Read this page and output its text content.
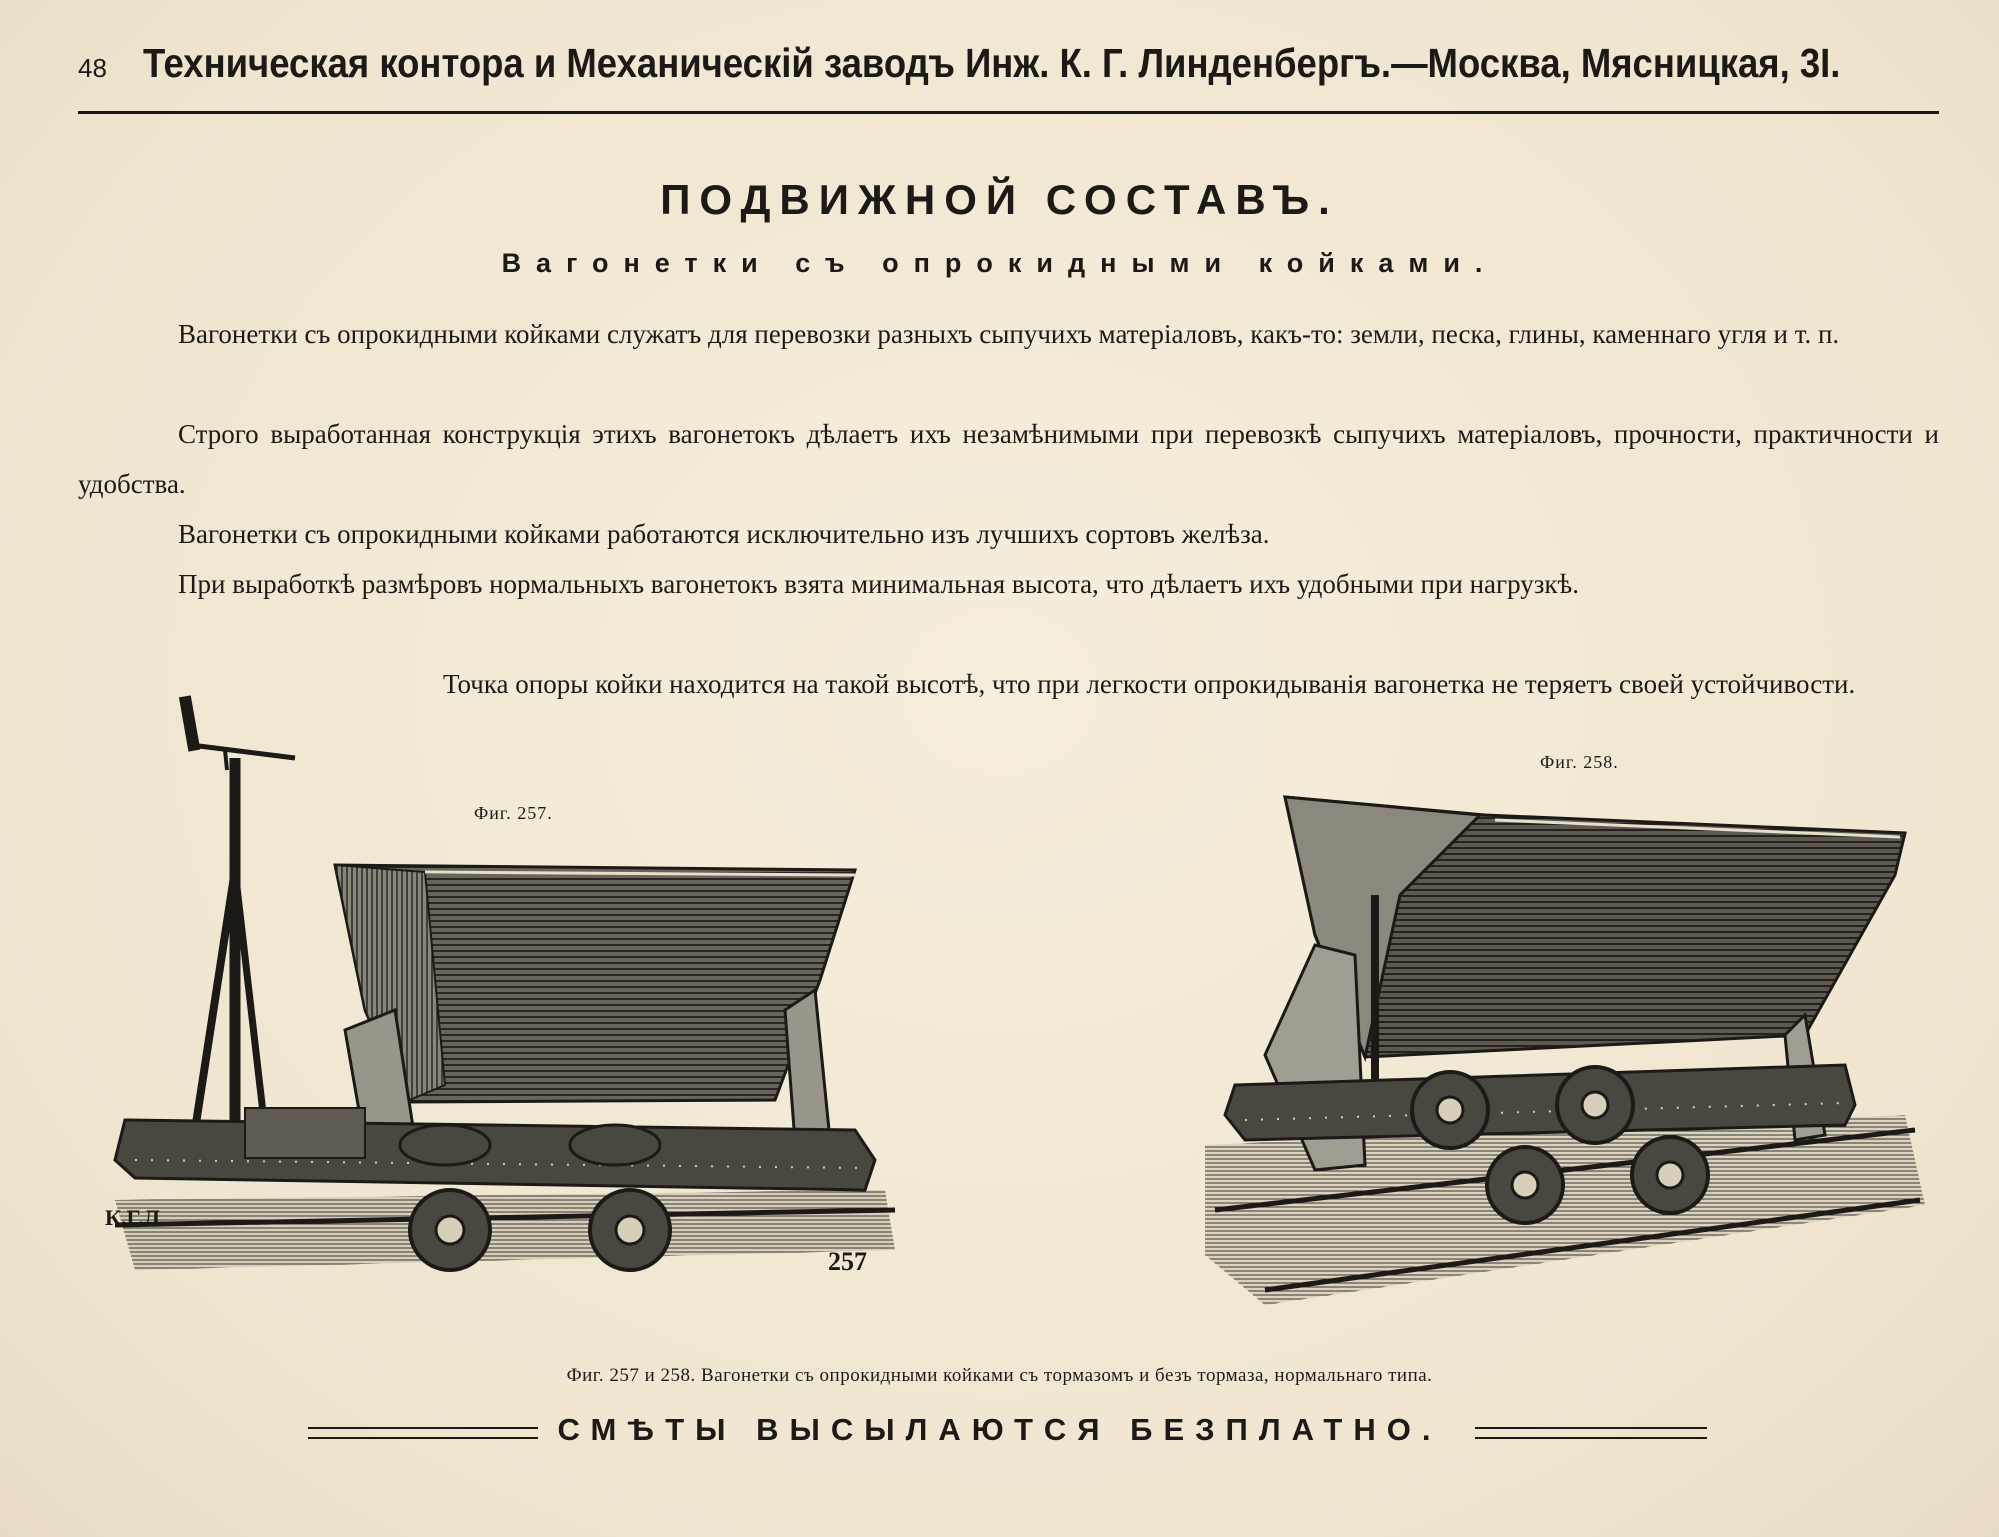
48 Техническая контора и Механическій заводъ Инж. К. Г. Линденбергъ.—Москва, Мясницкая, 3I.
ПОДВИЖНОЙ СОСТАВЪ.
Вагонетки съ опрокидными койками.
Вагонетки съ опрокидными койками служатъ для перевозки разныхъ сыпучихъ матеріаловъ, какъ-то: земли, песка, глины, каменнаго угля и т. п.
Строго выработанная конструкція этихъ вагонетокъ дѣлаетъ ихъ незамѣнимыми при перевозкѣ сыпучихъ матеріаловъ, прочности, практичности и удобства.
Вагонетки съ опрокидными койками работаются исключительно изъ лучшихъ сортовъ желѣза.
При выработкѣ размѣровъ нормальныхъ вагонетокъ взята минимальная высота, что дѣлаетъ ихъ удобными при нагрузкѣ.
Точка опоры койки находится на такой высотѣ, что при легкости опрокидыванія вагонетка не теряетъ своей устойчивости.
Фиг. 257.
К.Г.Л.
257
Фиг. 258.
Фиг. 257 и 258. Вагонетки съ опрокидными койками съ тормазомъ и безъ тормаза, нормальнаго типа.
СМѢТЫ ВЫСЫЛАЮТСЯ БЕЗПЛАТНО.
